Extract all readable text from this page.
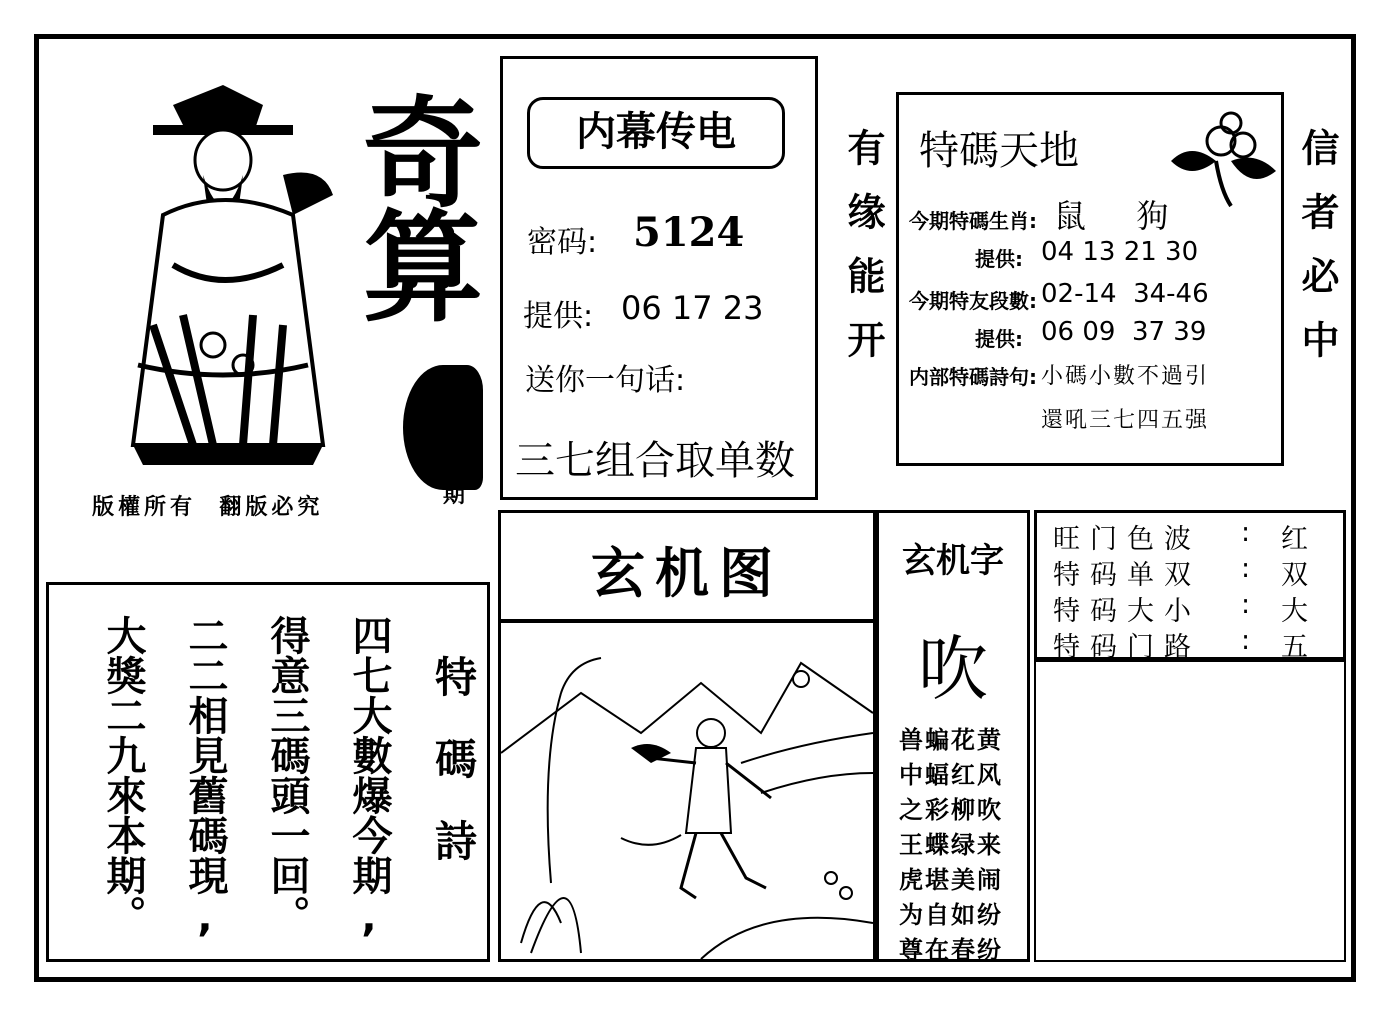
奇算
期
版權所有  翻版必究
内幕传电
密码: 5124
提供: 06 17 23
送你一句话:
三七组合取单数
有缘能开	信者必中
特碼天地
今期特碼生肖: 鼠  狗
提供: 04 13 21 30
今期特友段數: 02-14  34-46
提供: 06 09  37 39
内部特碼詩句: 小碼小數不過引
還吼三七四五强
玄机图	玄机字
吹
兽蝙花黄
中蝠红风
之彩柳吹
王蝶绿来
虎堪美闹
为自如纷
尊在春纷
旺门色波 : 红
特码单双 : 双
特码大小 : 大
特码门路 : 五
大獎二九來本期。 二二相見舊碼現, 得意三碼頭一回。 四七大數爆今期, 特碼詩
